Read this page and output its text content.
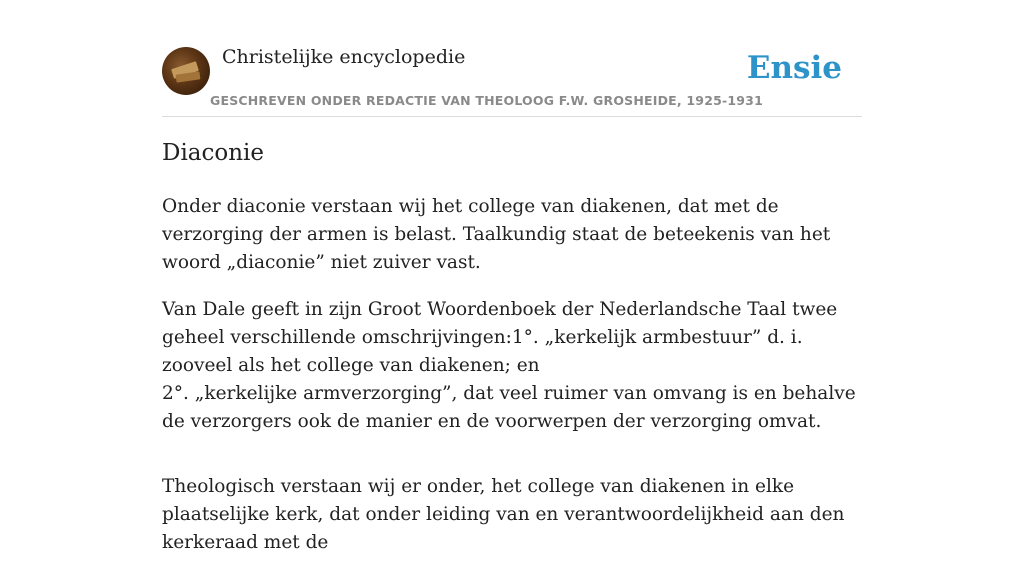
Christelijke encyclopedie
GESCHREVEN ONDER REDACTIE VAN THEOLOOG F.W. GROSHEIDE, 1925-1931
Ensie
Diaconie

Onder diaconie verstaan wij het college van diakenen, dat met de verzorging der armen is belast. Taalkundig staat de beteekenis van het woord „diaconie” niet zuiver vast.

Van Dale geeft in zijn Groot Woordenboek der Nederlandsche Taal twee geheel verschillende omschrijvingen:1°. „kerkelijk armbestuur” d. i. zooveel als het college van diakenen; en

2°. „kerkelijke armverzorging”, dat veel ruimer van omvang is en behalve de verzorgers ook de manier en de voorwerpen der verzorging omvat.

Theologisch verstaan wij er onder, het college van diakenen in elke plaatselijke kerk, dat onder leiding van en verantwoordelijkheid aan den kerkeraad met de
